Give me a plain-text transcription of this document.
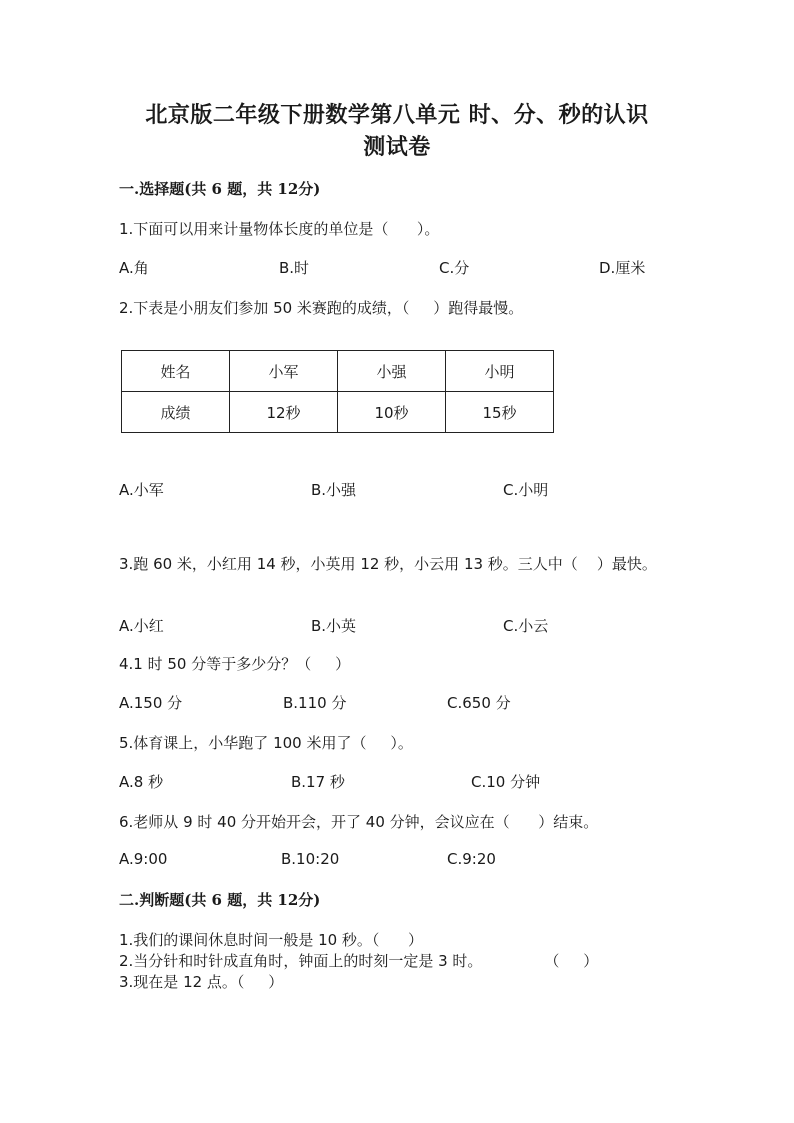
北京版二年级下册数学第八单元 时、分、秒的认识
测试卷
一.选择题(共 6 题，共 12分)
1.下面可以用来计量物体长度的单位是（      ）。
A.角	B.时	C.分	D.厘米
2.下表是小朋友们参加 50 米赛跑的成绩，（     ）跑得最慢。
姓名	小军	小强	小明
成绩	12秒	10秒	15秒
A.小军	B.小强	C.小明
3.跑 60 米，小红用 14 秒，小英用 12 秒，小云用 13 秒。三人中（    ）最快。
A.小红	B.小英	C.小云
4.1 时 50 分等于多少分？（     ）
A.150 分	B.110 分	C.650 分
5.体育课上，小华跑了 100 米用了（     ）。
A.8 秒	B.17 秒	C.10 分钟
6.老师从 9 时 40 分开始开会，开了 40 分钟，会议应在（      ）结束。
A.9:00	B.10:20	C.9:20
二.判断题(共 6 题，共 12分)
1.我们的课间休息时间一般是 10 秒。（      ）
2.当分针和时针成直角时，钟面上的时刻一定是 3 时。             （     ）
3.现在是 12 点。（     ）
